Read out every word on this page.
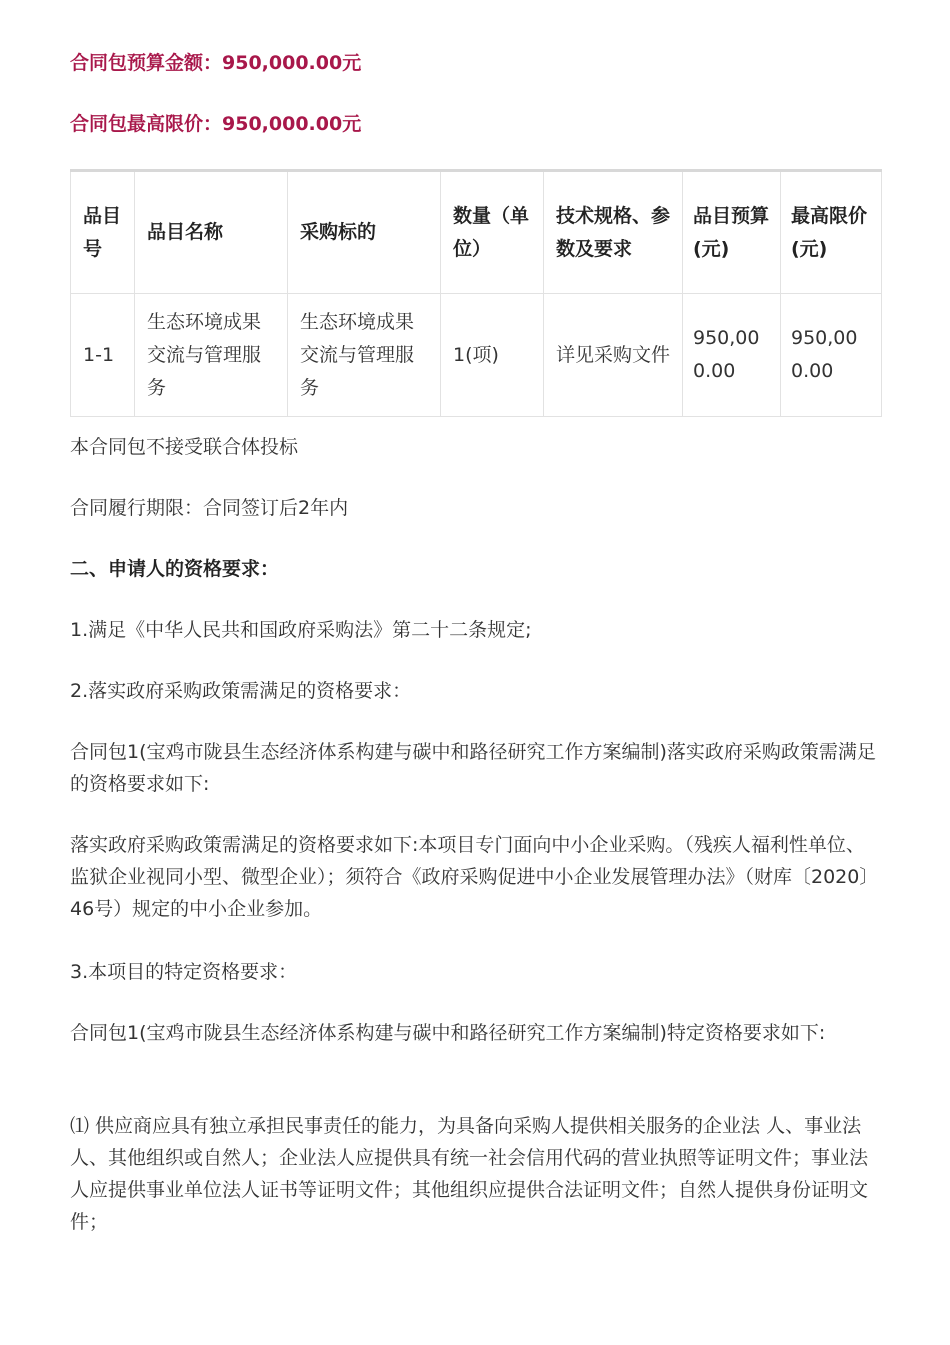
合同包预算金额：950,000.00元

合同包最高限价：950,000.00元

品目号	品目名称	采购标的	数量（单位）	技术规格、参数及要求	品目预算(元)	最高限价(元)
1-1	生态环境成果交流与管理服务	生态环境成果交流与管理服务	1(项)	详见采购文件	950,000.00	950,000.00

本合同包不接受联合体投标

合同履行期限：合同签订后2年内

二、申请人的资格要求：

1.满足《中华人民共和国政府采购法》第二十二条规定;

2.落实政府采购政策需满足的资格要求：

合同包1(宝鸡市陇县生态经济体系构建与碳中和路径研究工作方案编制)落实政府采购政策需满足的资格要求如下:

落实政府采购政策需满足的资格要求如下:本项目专门面向中小企业采购。（残疾人福利性单位、监狱企业视同小型、微型企业）；须符合《政府采购促进中小企业发展管理办法》（财库〔2020〕46号）规定的中小企业参加。

3.本项目的特定资格要求：

合同包1(宝鸡市陇县生态经济体系构建与碳中和路径研究工作方案编制)特定资格要求如下:

⑴ 供应商应具有独立承担民事责任的能力，为具备向采购人提供相关服务的企业法 人、事业法人、其他组织或自然人；企业法人应提供具有统一社会信用代码的营业执照等证明文件；事业法人应提供事业单位法人证书等证明文件；其他组织应提供合法证明文件；自然人提供身份证明文件；
